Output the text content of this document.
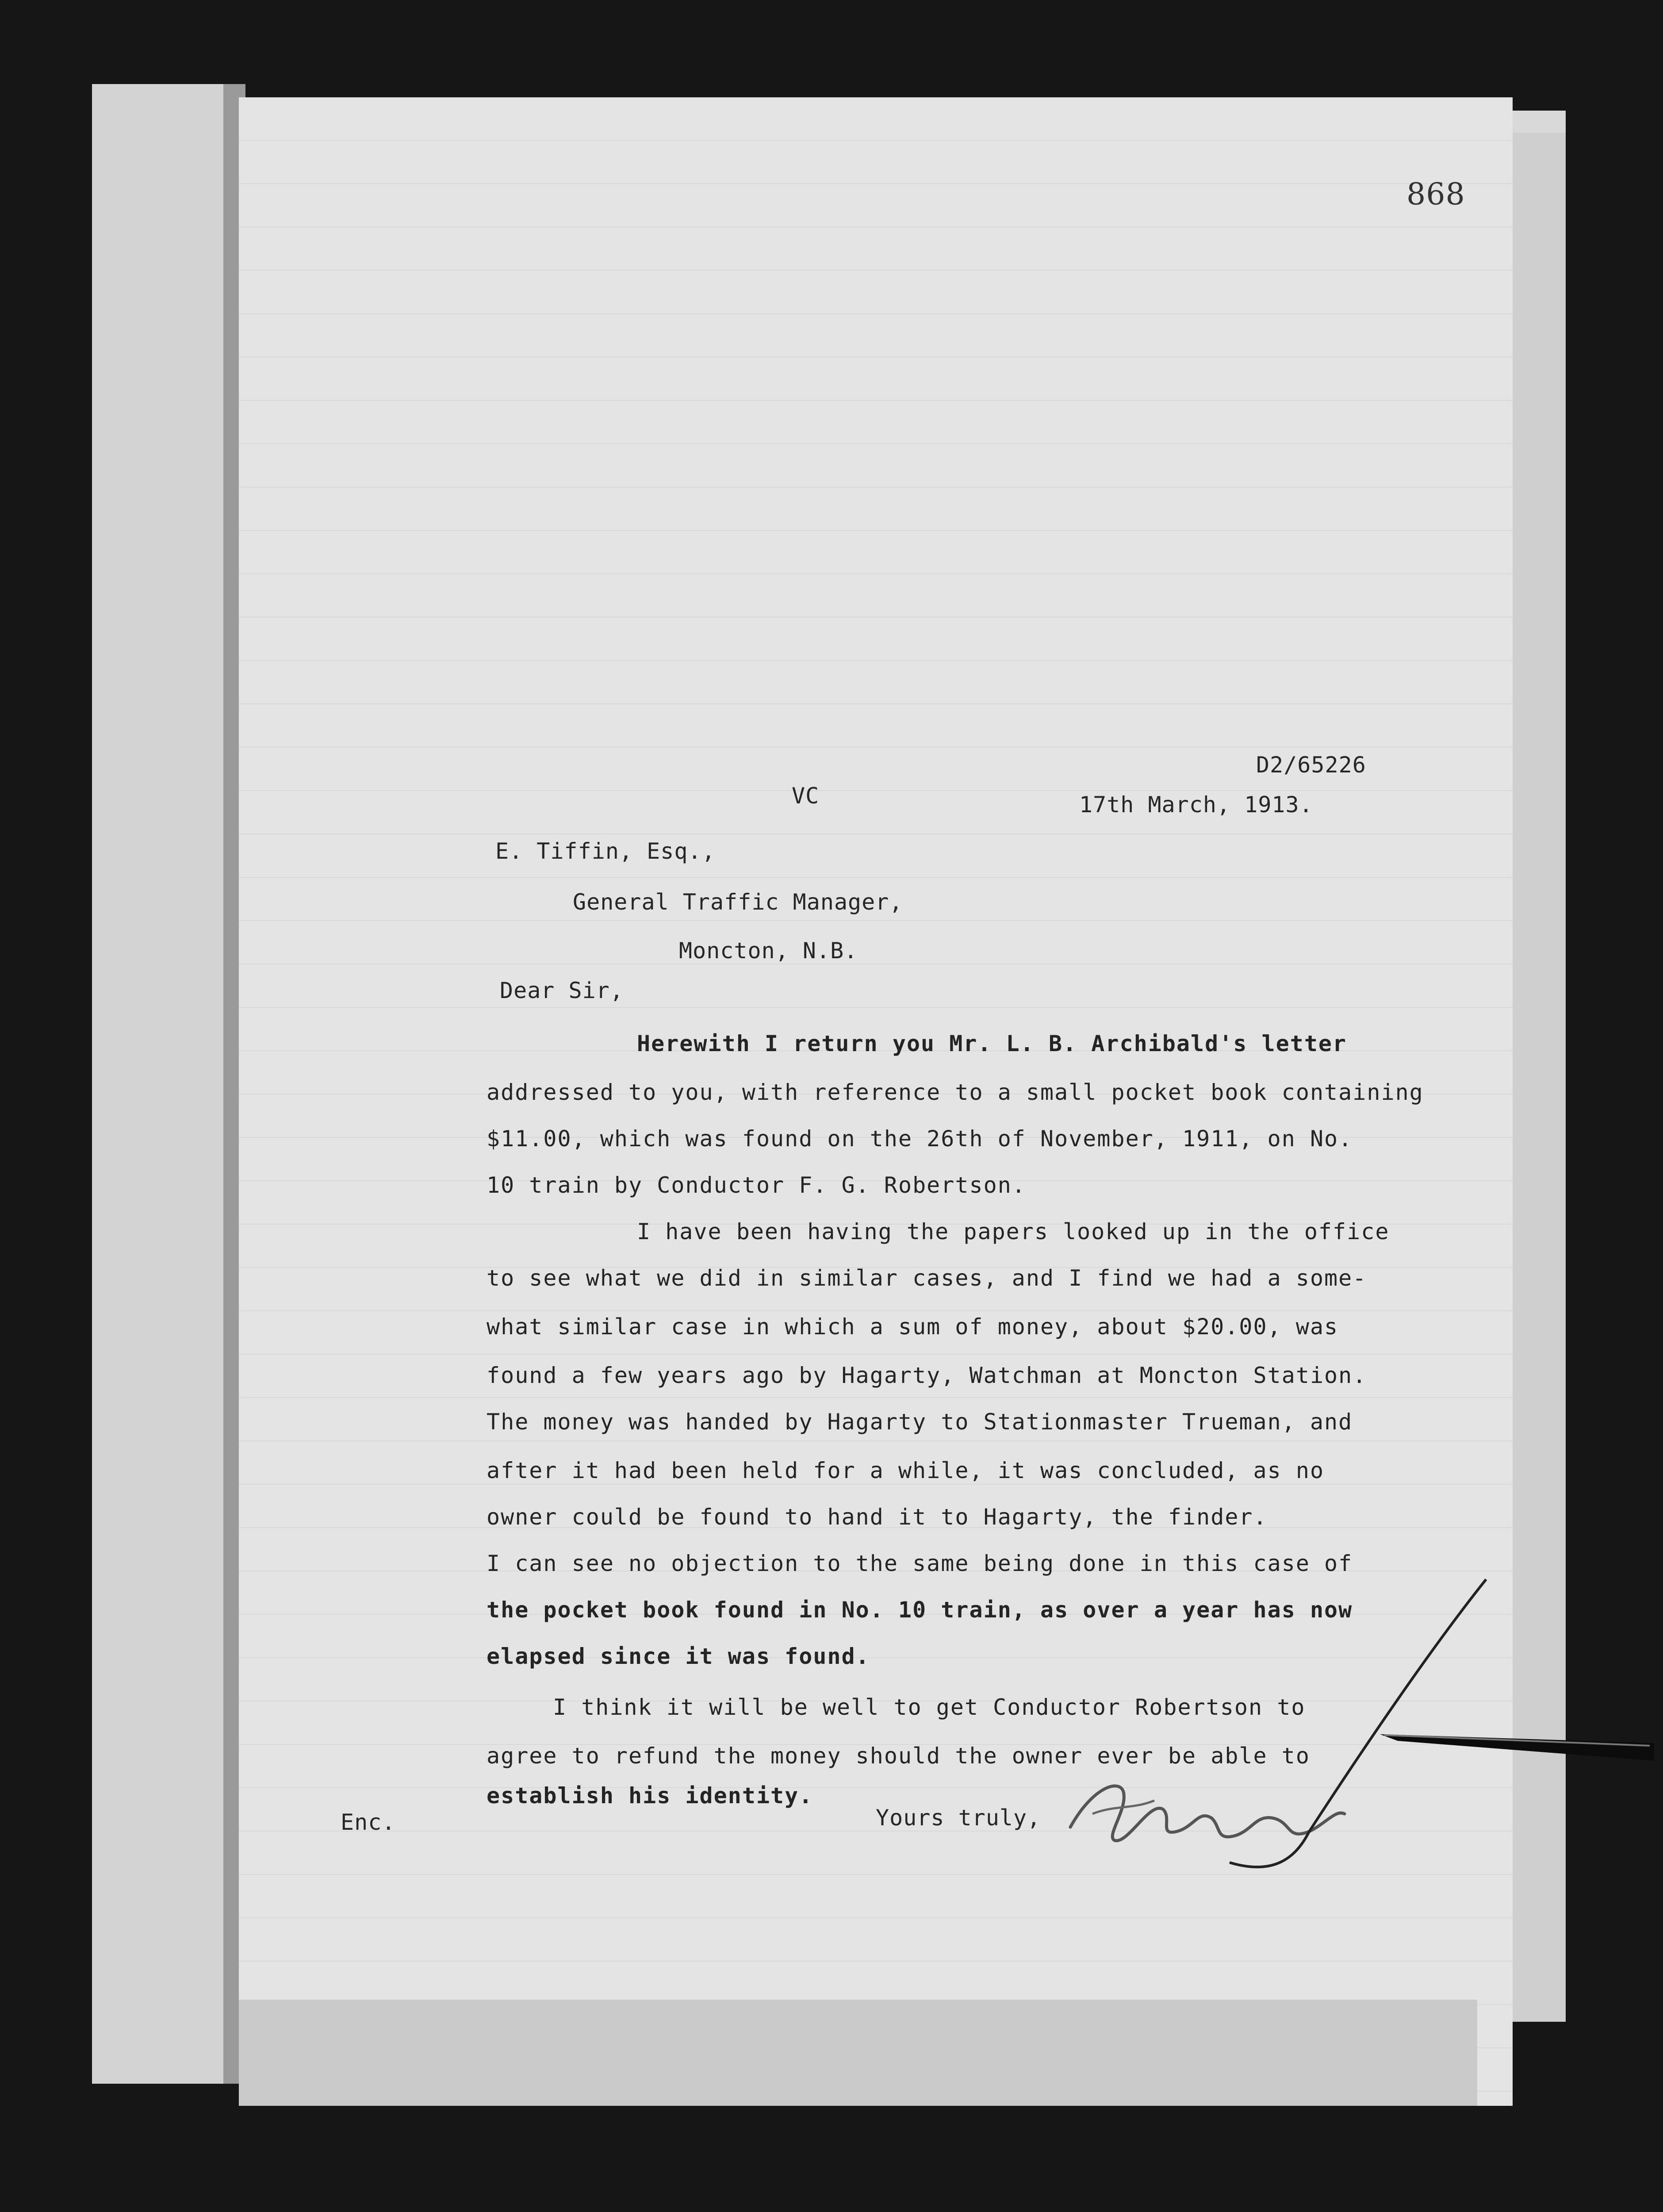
868
D2/65226
VC	17th March, 1913.
E. Tiffin, Esq.,
General Traffic Manager,
Moncton, N.B.
Dear Sir,
Herewith I return you Mr. L. B. Archibald's letter
addressed to you, with reference to a small pocket book containing
$11.00, which was found on the 26th of November, 1911, on No.
10 train by Conductor F. G. Robertson.
I have been having the papers looked up in the office
to see what we did in similar cases, and I find we had a some-
what similar case in which a sum of money, about $20.00, was
found a few years ago by Hagarty, Watchman at Moncton Station.
The money was handed by Hagarty to Stationmaster Trueman, and
after it had been held for a while, it was concluded, as no
owner could be found to hand it to Hagarty, the finder.
I can see no objection to the same being done in this case of
the pocket book found in No. 10 train, as over a year has now
elapsed since it was found.
I think it will be well to get Conductor Robertson to
agree to refund the money should the owner ever be able to
establish his identity.
Yours truly,
Enc.
